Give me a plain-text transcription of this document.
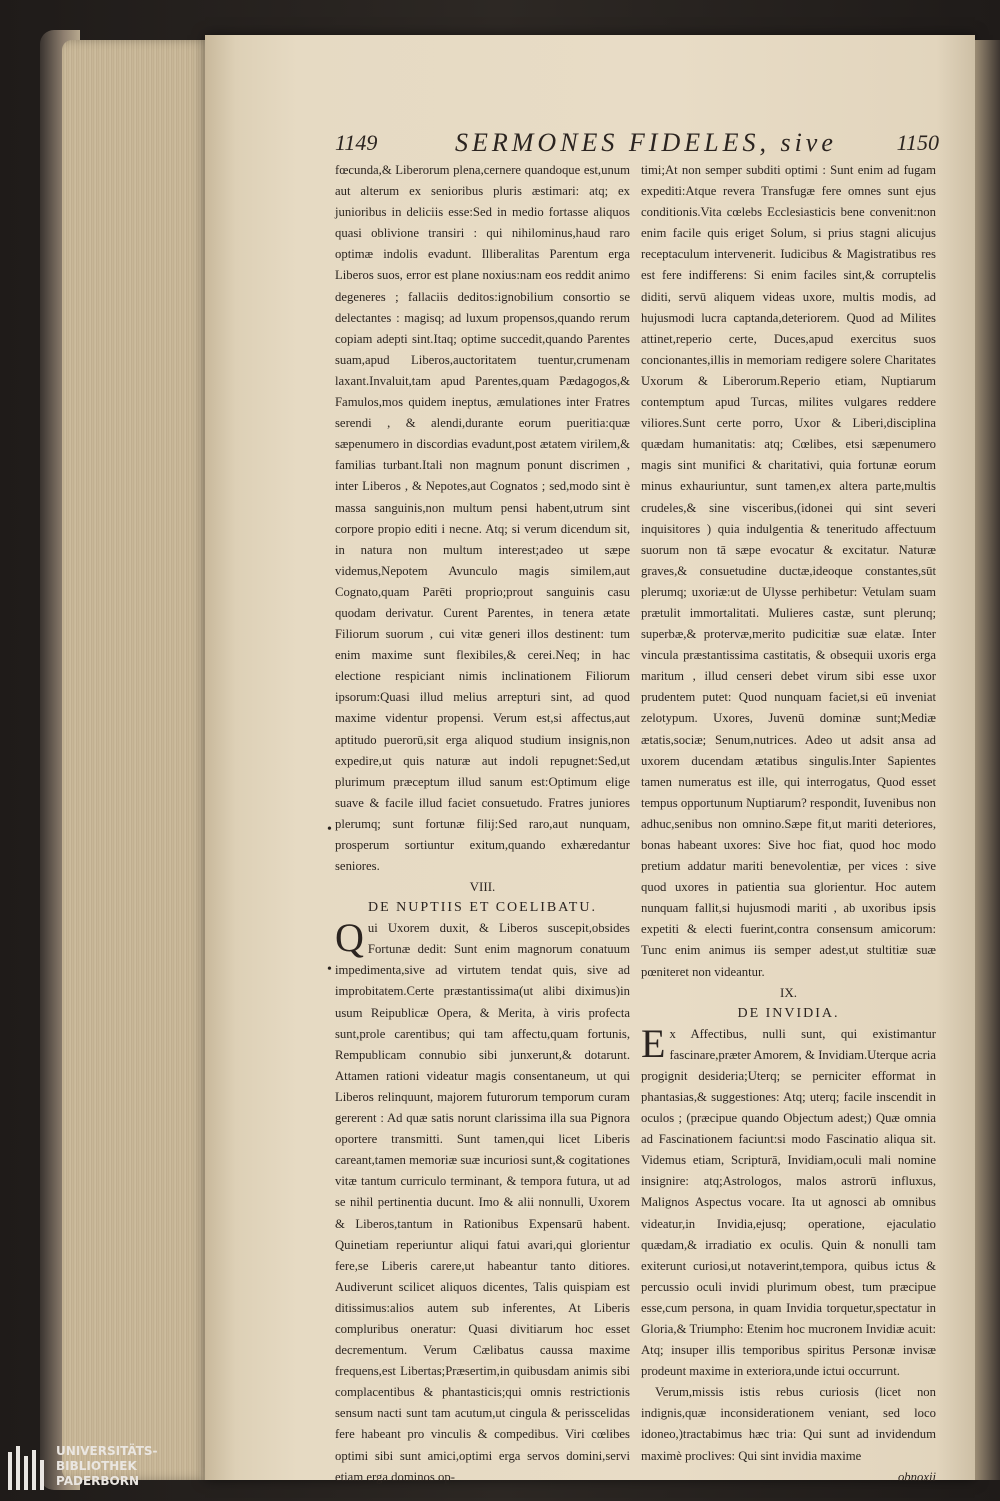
1149	SERMONES FIDELES, sive	1150

fœcunda,& Liberorum plena,cernere quandoque est,unum aut alterum ex senioribus pluris æstimari: atq; ex junioribus in deliciis esse:Sed in medio fortasse aliquos quasi oblivione transiri : qui nihilominus,haud raro optimæ indolis evadunt. Illiberalitas Parentum erga Liberos suos, error est plane noxius:nam eos reddit animo degeneres ; fallaciis deditos:ignobilium consortio se delectantes : magisq; ad luxum propensos,quando rerum copiam adepti sint.Itaq; optime succedit,quando Parentes suam,apud Liberos,auctoritatem tuentur,crumenam laxant.Invaluit,tam apud Parentes,quam Pædagogos,& Famulos,mos quidem ineptus, æmulationes inter Fratres serendi , & alendi,durante eorum pueritia:quæ sæpenumero in discordias evadunt,post ætatem virilem,& familias turbant.Itali non magnum ponunt discrimen , inter Liberos , & Nepotes,aut Cognatos ; sed,modo sint è massa sanguinis,non multum pensi habent,utrum sint corpore propio editi i necne. Atq; si verum dicendum sit, in natura non multum interest;adeo ut sæpe videmus,Nepotem Avunculo magis similem,aut Cognato,quam Parēti proprio;prout sanguinis casu quodam derivatur. Curent Parentes, in tenera ætate Filiorum suorum , cui vitæ generi illos destinent: tum enim maxime sunt flexibiles,& cerei.Neq; in hac electione respiciant nimis inclinationem Filiorum ipsorum:Quasi illud melius arrepturi sint, ad quod maxime videntur propensi. Verum est,si affectus,aut aptitudo puerorū,sit erga aliquod studium insignis,non expedire,ut quis naturæ aut indoli repugnet:Sed,ut plurimum præceptum illud sanum est:Optimum elige suave & facile illud faciet consuetudo. Fratres juniores plerumq; sunt fortunæ filij:Sed raro,aut nunquam, prosperum sortiuntur exitum,quando exhæredantur seniores.

VIII.

DE NUPTIIS ET COELIBATU.

Qui Uxorem duxit, & Liberos suscepit,obsides Fortunæ dedit: Sunt enim magnorum conatuum impedimenta,sive ad virtutem tendat quis, sive ad improbitatem.Certe præstantissima(ut alibi diximus)in usum Reipublicæ Opera, & Merita, à viris profecta sunt,prole carentibus; qui tam affectu,quam fortunis, Rempublicam connubio sibi junxerunt,& dotarunt. Attamen rationi videatur magis consentaneum, ut qui Liberos relinquunt, majorem futurorum temporum curam gererent : Ad quæ satis norunt clarissima illa sua Pignora oportere transmitti. Sunt tamen,qui licet Liberis careant,tamen memoriæ suæ incuriosi sunt,& cogitationes vitæ tantum curriculo terminant, & tempora futura, ut ad se nihil pertinentia ducunt. Imo & alii nonnulli, Uxorem & Liberos,tantum in Rationibus Expensarū habent. Quinetiam reperiuntur aliqui fatui avari,qui glorientur fere,se Liberis carere,ut habeantur tanto ditiores. Audiverunt scilicet aliquos dicentes, Talis quispiam est ditissimus:alios autem sub inferentes, At Liberis compluribus oneratur: Quasi divitiarum hoc esset decrementum. Verum Cælibatus caussa maxime frequens,est Libertas;Præsertim,in quibusdam animis sibi complacentibus & phantasticis;qui omnis restrictionis sensum nacti sunt tam acutum,ut cingula & perisscelidas fere habeant pro vinculis & compedibus. Viri cœlibes optimi sibi sunt amici,optimi erga servos domini,servi etiam erga dominos op-

timi;At non semper subditi optimi : Sunt enim ad fugam expediti:Atque revera Transfugæ fere omnes sunt ejus conditionis.Vita cœlebs Ecclesiasticis bene convenit:non enim facile quis eriget Solum, si prius stagni alicujus receptaculum intervenerit. Iudicibus & Magistratibus res est fere indifferens: Si enim faciles sint,& corruptelis diditi, servū aliquem videas uxore, multis modis, ad hujusmodi lucra captanda,deteriorem. Quod ad Milites attinet,reperio certe, Duces,apud exercitus suos concionantes,illis in memoriam redigere solere Charitates Uxorum & Liberorum.Reperio etiam, Nuptiarum contemptum apud Turcas, milites vulgares reddere viliores.Sunt certe porro, Uxor & Liberi,disciplina quædam humanitatis: atq; Cœlibes, etsi sæpenumero magis sint munifici & charitativi, quia fortunæ eorum minus exhauriuntur, sunt tamen,ex altera parte,multis crudeles,& sine visceribus,(idonei qui sint severi inquisitores ) quia indulgentia & teneritudo affectuum suorum non tā sæpe evocatur & excitatur. Naturæ graves,& consuetudine ductæ,ideoque constantes,sūt plerumq; uxoriæ:ut de Ulysse perhibetur: Vetulam suam prætulit immortalitati. Mulieres castæ, sunt plerunq; superbæ,& protervæ,merito pudicitiæ suæ elatæ. Inter vincula præstantissima castitatis, & obsequii uxoris erga maritum , illud censeri debet virum sibi esse uxor prudentem putet: Quod nunquam faciet,si eū inveniat zelotypum. Uxores, Juvenū dominæ sunt;Mediæ ætatis,sociæ; Senum,nutrices. Adeo ut adsit ansa ad uxorem ducendam ætatibus singulis.Inter Sapientes tamen numeratus est ille, qui interrogatus, Quod esset tempus opportunum Nuptiarum? respondit, Iuvenibus non adhuc,senibus non omnino.Sæpe fit,ut mariti deteriores, bonas habeant uxores: Sive hoc fiat, quod hoc modo pretium addatur mariti benevolentiæ, per vices : sive quod uxores in patientia sua glorientur. Hoc autem nunquam fallit,si hujusmodi mariti , ab uxoribus ipsis expetiti & electi fuerint,contra consensum amicorum: Tunc enim animus iis semper adest,ut stultitiæ suæ pœniteret non videantur.

IX.

DE INVIDIA.

Ex Affectibus, nulli sunt, qui existimantur fascinare,præter Amorem, & Invidiam.Uterque acria progignit desideria;Uterq; se perniciter efformat in phantasias,& suggestiones: Atq; uterq; facile inscendit in oculos ; (præcipue quando Objectum adest;) Quæ omnia ad Fascinationem faciunt:si modo Fascinatio aliqua sit. Videmus etiam, Scripturā, Invidiam,oculi mali nomine insignire: atq;Astrologos, malos astrorū influxus, Malignos Aspectus vocare. Ita ut agnosci ab omnibus videatur,in Invidia,ejusq; operatione, ejaculatio quædam,& irradiatio ex oculis. Quin & nonulli tam exiterunt curiosi,ut notaverint,tempora, quibus ictus & percussio oculi invidi plurimum obest, tum præcipue esse,cum persona, in quam Invidia torquetur,spectatur in Gloria,& Triumpho: Etenim hoc mucronem Invidiæ acuit: Atq; insuper illis temporibus spiritus Personæ invisæ prodeunt maxime in exteriora,unde ictui occurrunt.

Verum,missis istis rebus curiosis (licet non indignis,quæ inconsiderationem veniant, sed loco idoneo,)tractabimus hæc tria: Qui sunt ad invidendum maximè proclives: Qui sint invidia maxime

obnoxii

•
•
UNIVERSITÄTS-
BIBLIOTHEK
PADERBORN
